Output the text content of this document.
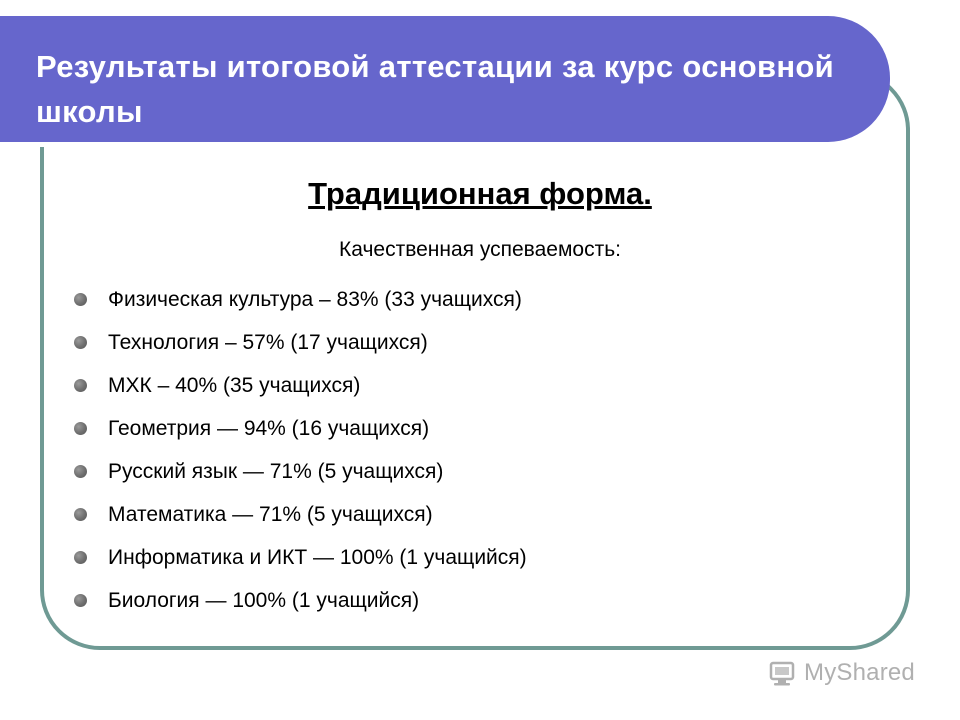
Результаты итоговой аттестации за курс основной школы
Традиционная форма.

Качественная успеваемость:

Физическая культура – 83% (33 учащихся)
Технология – 57% (17 учащихся)
МХК – 40% (35 учащихся)
Геометрия — 94% (16 учащихся)
Русский язык — 71% (5 учащихся)
Математика — 71% (5 учащихся)
Информатика и ИКТ — 100% (1 учащийся)
Биология — 100% (1 учащийся)
MyShared
